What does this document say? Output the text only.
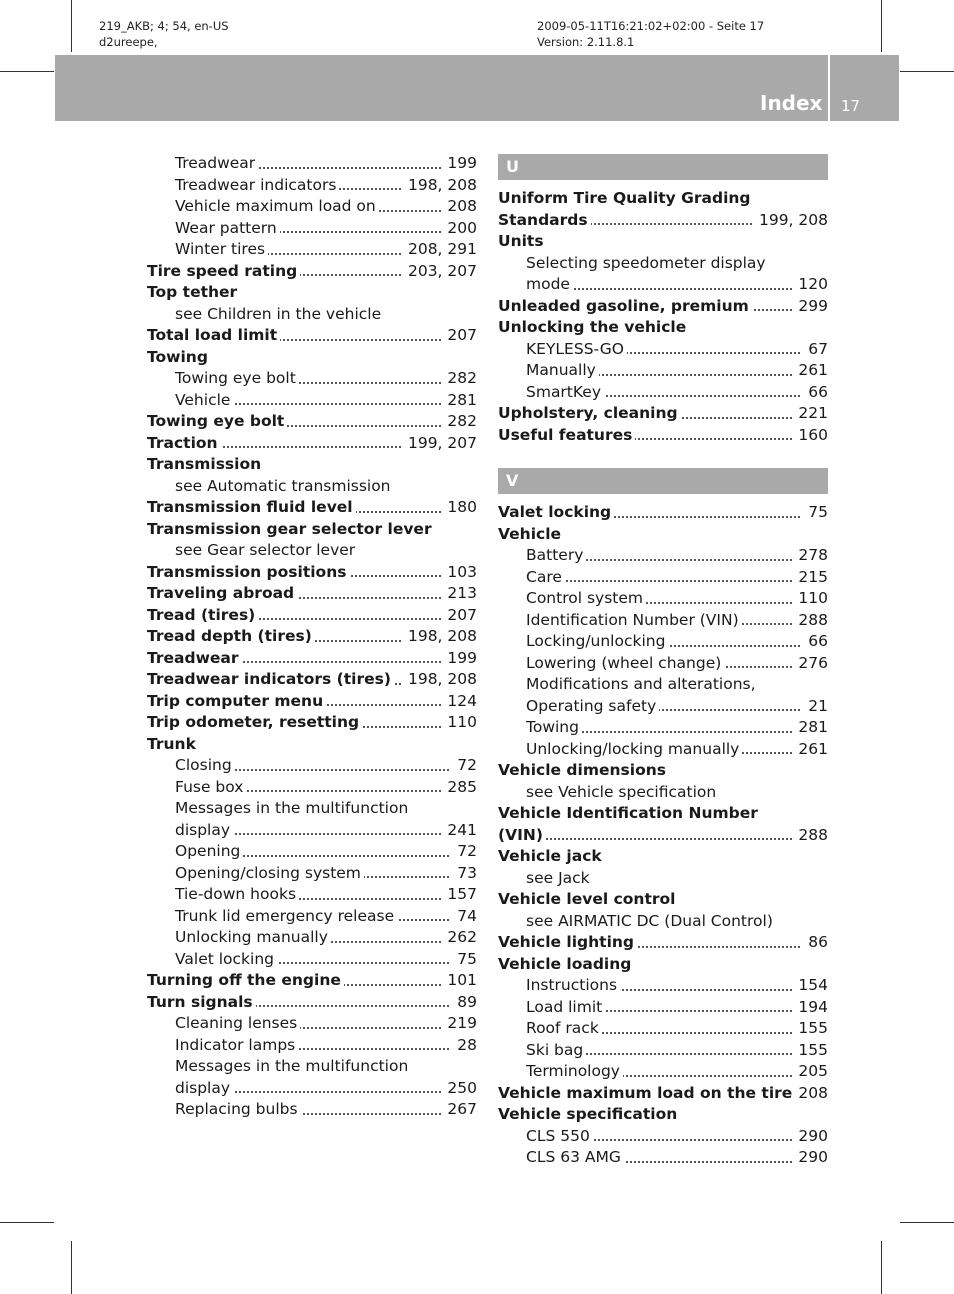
219_AKB; 4; 54, en-US
d2ureepe,
2009-05-11T16:21:02+02:00 - Seite 17
Version: 2.11.8.1
Index 17
Treadwear	199
Treadwear indicators	198, 208
Vehicle maximum load on	208
Wear pattern	200
Winter tires	208, 291
Tire speed rating	203, 207
Top tether
see Children in the vehicle
Total load limit	207
Towing
Towing eye bolt	282
Vehicle	281
Towing eye bolt	282
Traction	199, 207
Transmission
see Automatic transmission
Transmission fluid level	180
Transmission gear selector lever
see Gear selector lever
Transmission positions	103
Traveling abroad	213
Tread (tires)	207
Tread depth (tires)	198, 208
Treadwear	199
Treadwear indicators (tires)	198, 208
Trip computer menu	124
Trip odometer, resetting	110
Trunk
Closing	72
Fuse box	285
Messages in the multifunction
display	241
Opening	72
Opening/closing system	73
Tie-down hooks	157
Trunk lid emergency release	74
Unlocking manually	262
Valet locking	75
Turning off the engine	101
Turn signals	89
Cleaning lenses	219
Indicator lamps	28
Messages in the multifunction
display	250
Replacing bulbs	267
U
Uniform Tire Quality Grading
Standards	199, 208
Units
Selecting speedometer display
mode	120
Unleaded gasoline, premium	299
Unlocking the vehicle
KEYLESS-GO	67
Manually	261
SmartKey	66
Upholstery, cleaning	221
Useful features	160
V
Valet locking	75
Vehicle
Battery	278
Care	215
Control system	110
Identification Number (VIN)	288
Locking/unlocking	66
Lowering (wheel change)	276
Modifications and alterations,
Operating safety	21
Towing	281
Unlocking/locking manually	261
Vehicle dimensions
see Vehicle specification
Vehicle Identification Number
(VIN)	288
Vehicle jack
see Jack
Vehicle level control
see AIRMATIC DC (Dual Control)
Vehicle lighting	86
Vehicle loading
Instructions	154
Load limit	194
Roof rack	155
Ski bag	155
Terminology	205
Vehicle maximum load on the tire 208
Vehicle specification
CLS 550	290
CLS 63 AMG	290
